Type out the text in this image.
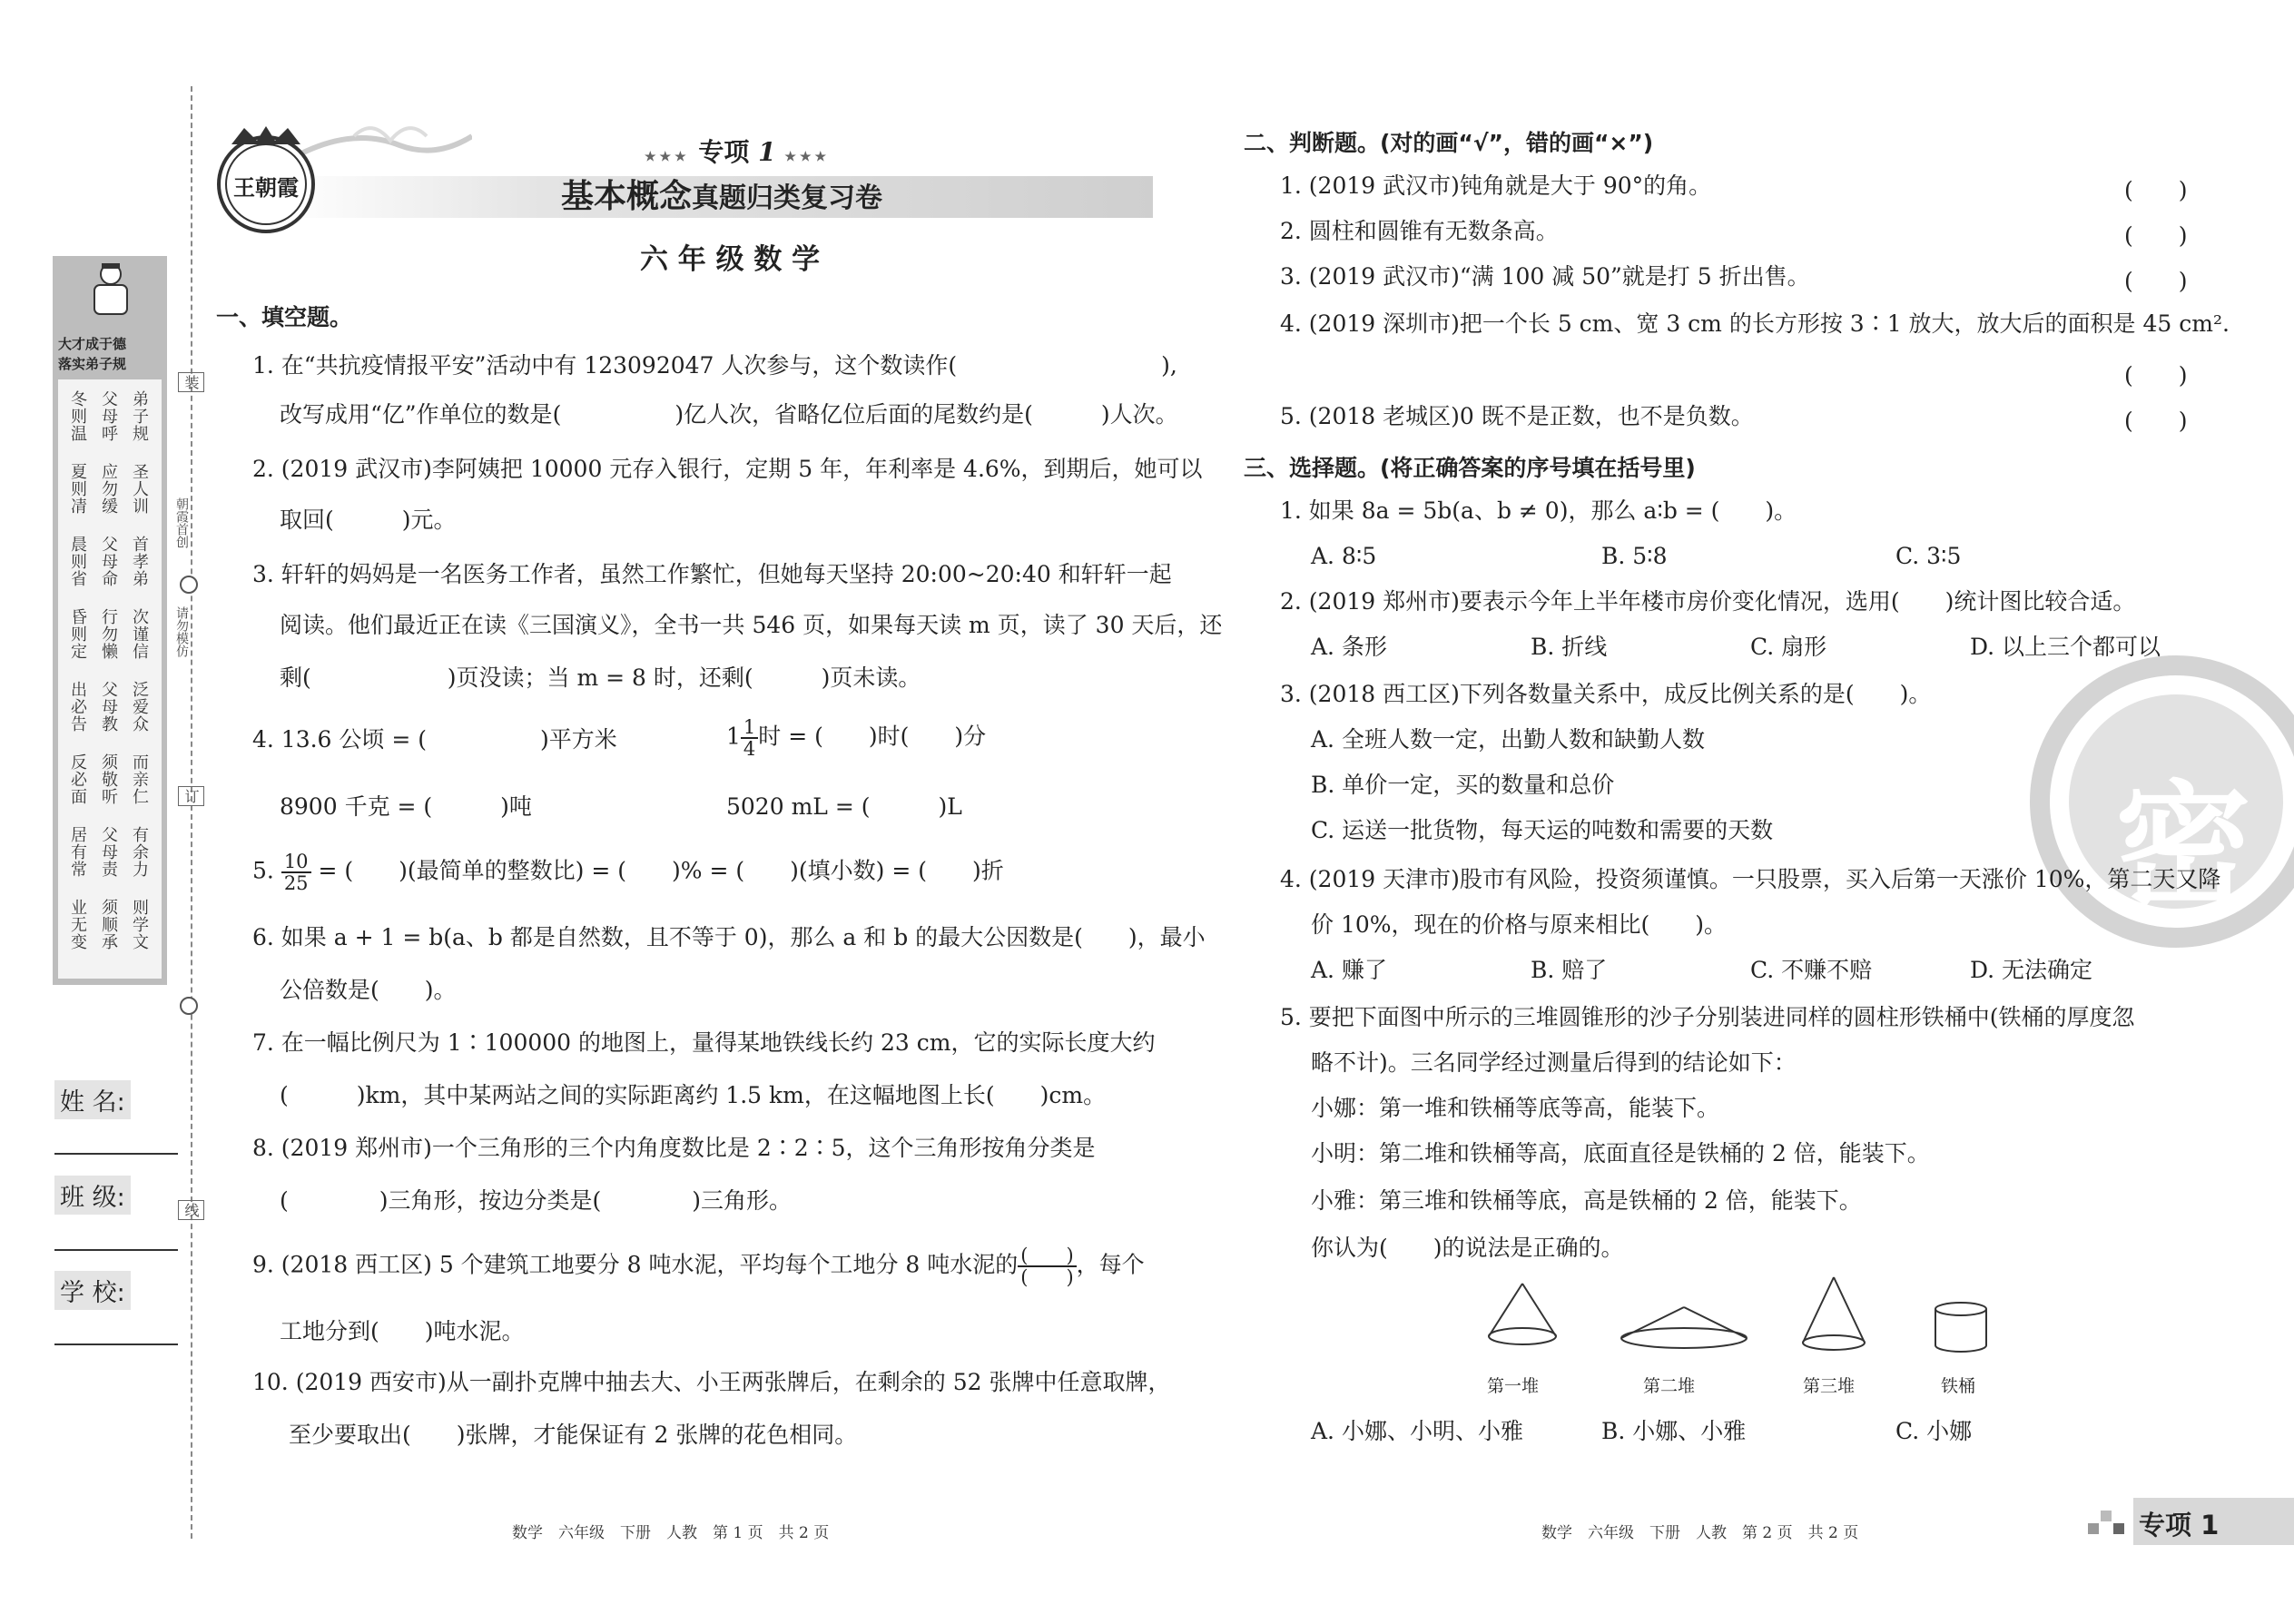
大才成于德
落实弟子规
弟子规
父母呼
冬则温
圣人训
应勿缓
夏则凊
首孝弟
父母命
晨则省
次谨信
行勿懒
昏则定
泛爱众
父母教
出必告
而亲仁
须敬听
反必面
有余力
父母责
居有常
则学文
须顺承
业无变
装
订
线
朝霞首创
请勿模仿
姓 名:
班 级:
学 校:
王朝霞
★★★ 专项 1 ★★★
基本概念真题归类复习卷
六 年 级 数 学
一、填空题。
1. 在“共抗疫情报平安”活动中有 123092047 人次参与，这个数读作(　　　　　　　　　),
改写成用“亿”作单位的数是(　　　　　)亿人次，省略亿位后面的尾数约是(　　　)人次。
2. (2019 武汉市)李阿姨把 10000 元存入银行，定期 5 年，年利率是 4.6%，到期后，她可以
取回(　　　)元。
3. 轩轩的妈妈是一名医务工作者，虽然工作繁忙，但她每天坚持 20:00~20:40 和轩轩一起
阅读。他们最近正在读《三国演义》，全书一共 546 页，如果每天读 m 页，读了 30 天后，还
剩(　　　　　　)页没读；当 m = 8 时，还剩(　　　)页未读。
4. 13.6 公顷 = (　　　　　)平方米	$1 \frac{1}{4}$ 时 = (　　)时(　　)分
8900 千克 = (　　　)吨	5020 mL = (　　　)L
5. $\frac{10}{25}$ = (　　)(最简单的整数比) = (　　)% = (　　)(填小数) = (　　)折
6. 如果 a + 1 = b(a、b 都是自然数，且不等于 0)，那么 a 和 b 的最大公因数是(　　)，最小
公倍数是(　　)。
7. 在一幅比例尺为 1∶100000 的地图上，量得某地铁线长约 23 cm，它的实际长度大约
(　　　)km，其中某两站之间的实际距离约 1.5 km，在这幅地图上长(　　)cm。
8. (2019 郑州市)一个三角形的三个内角度数比是 2∶2∶5，这个三角形按角分类是
(　　　　)三角形，按边分类是(　　　　)三角形。
9. (2018 西工区) 5 个建筑工地要分 8 吨水泥，平均每个工地分 8 吨水泥的 $\frac{( )}{( )}$ ，每个
工地分到(　　)吨水泥。
10. (2019 西安市)从一副扑克牌中抽去大、小王两张牌后，在剩余的 52 张牌中任意取牌，
至少要取出(　　)张牌，才能保证有 2 张牌的花色相同。
数学　六年级　下册　人教　第 1 页　共 2 页
密
二、判断题。(对的画“√”，错的画“×”)
1. (2019 武汉市)钝角就是大于 90°的角。	(　　)
2. 圆柱和圆锥有无数条高。	(　　)
3. (2019 武汉市)“满 100 减 50”就是打 5 折出售。	(　　)
4. (2019 深圳市)把一个长 5 cm、宽 3 cm 的长方形按 3∶1 放大，放大后的面积是 45 cm².
(　　)
5. (2018 老城区)0 既不是正数，也不是负数。	(　　)
三、选择题。(将正确答案的序号填在括号里)
1. 如果 8a = 5b(a、b ≠ 0)，那么 a∶b = (　　)。
A. 8∶5	B. 5∶8	C. 3∶5
2. (2019 郑州市)要表示今年上半年楼市房价变化情况，选用(　　)统计图比较合适。
A. 条形	B. 折线	C. 扇形	D. 以上三个都可以
3. (2018 西工区)下列各数量关系中，成反比例关系的是(　　)。
A. 全班人数一定，出勤人数和缺勤人数
B. 单价一定，买的数量和总价
C. 运送一批货物，每天运的吨数和需要的天数
4. (2019 天津市)股市有风险，投资须谨慎。一只股票，买入后第一天涨价 10%，第二天又降
价 10%，现在的价格与原来相比(　　)。
A. 赚了	B. 赔了	C. 不赚不赔	D. 无法确定
5. 要把下面图中所示的三堆圆锥形的沙子分别装进同样的圆柱形铁桶中(铁桶的厚度忽
略不计)。三名同学经过测量后得到的结论如下：
小娜：第一堆和铁桶等底等高，能装下。
小明：第二堆和铁桶等高，底面直径是铁桶的 2 倍，能装下。
小雅：第三堆和铁桶等底，高是铁桶的 2 倍，能装下。
你认为(　　)的说法是正确的。
第一堆	第二堆	第三堆	铁桶
A. 小娜、小明、小雅	B. 小娜、小雅	C. 小娜
数学　六年级　下册　人教　第 2 页　共 2 页	专项 1
